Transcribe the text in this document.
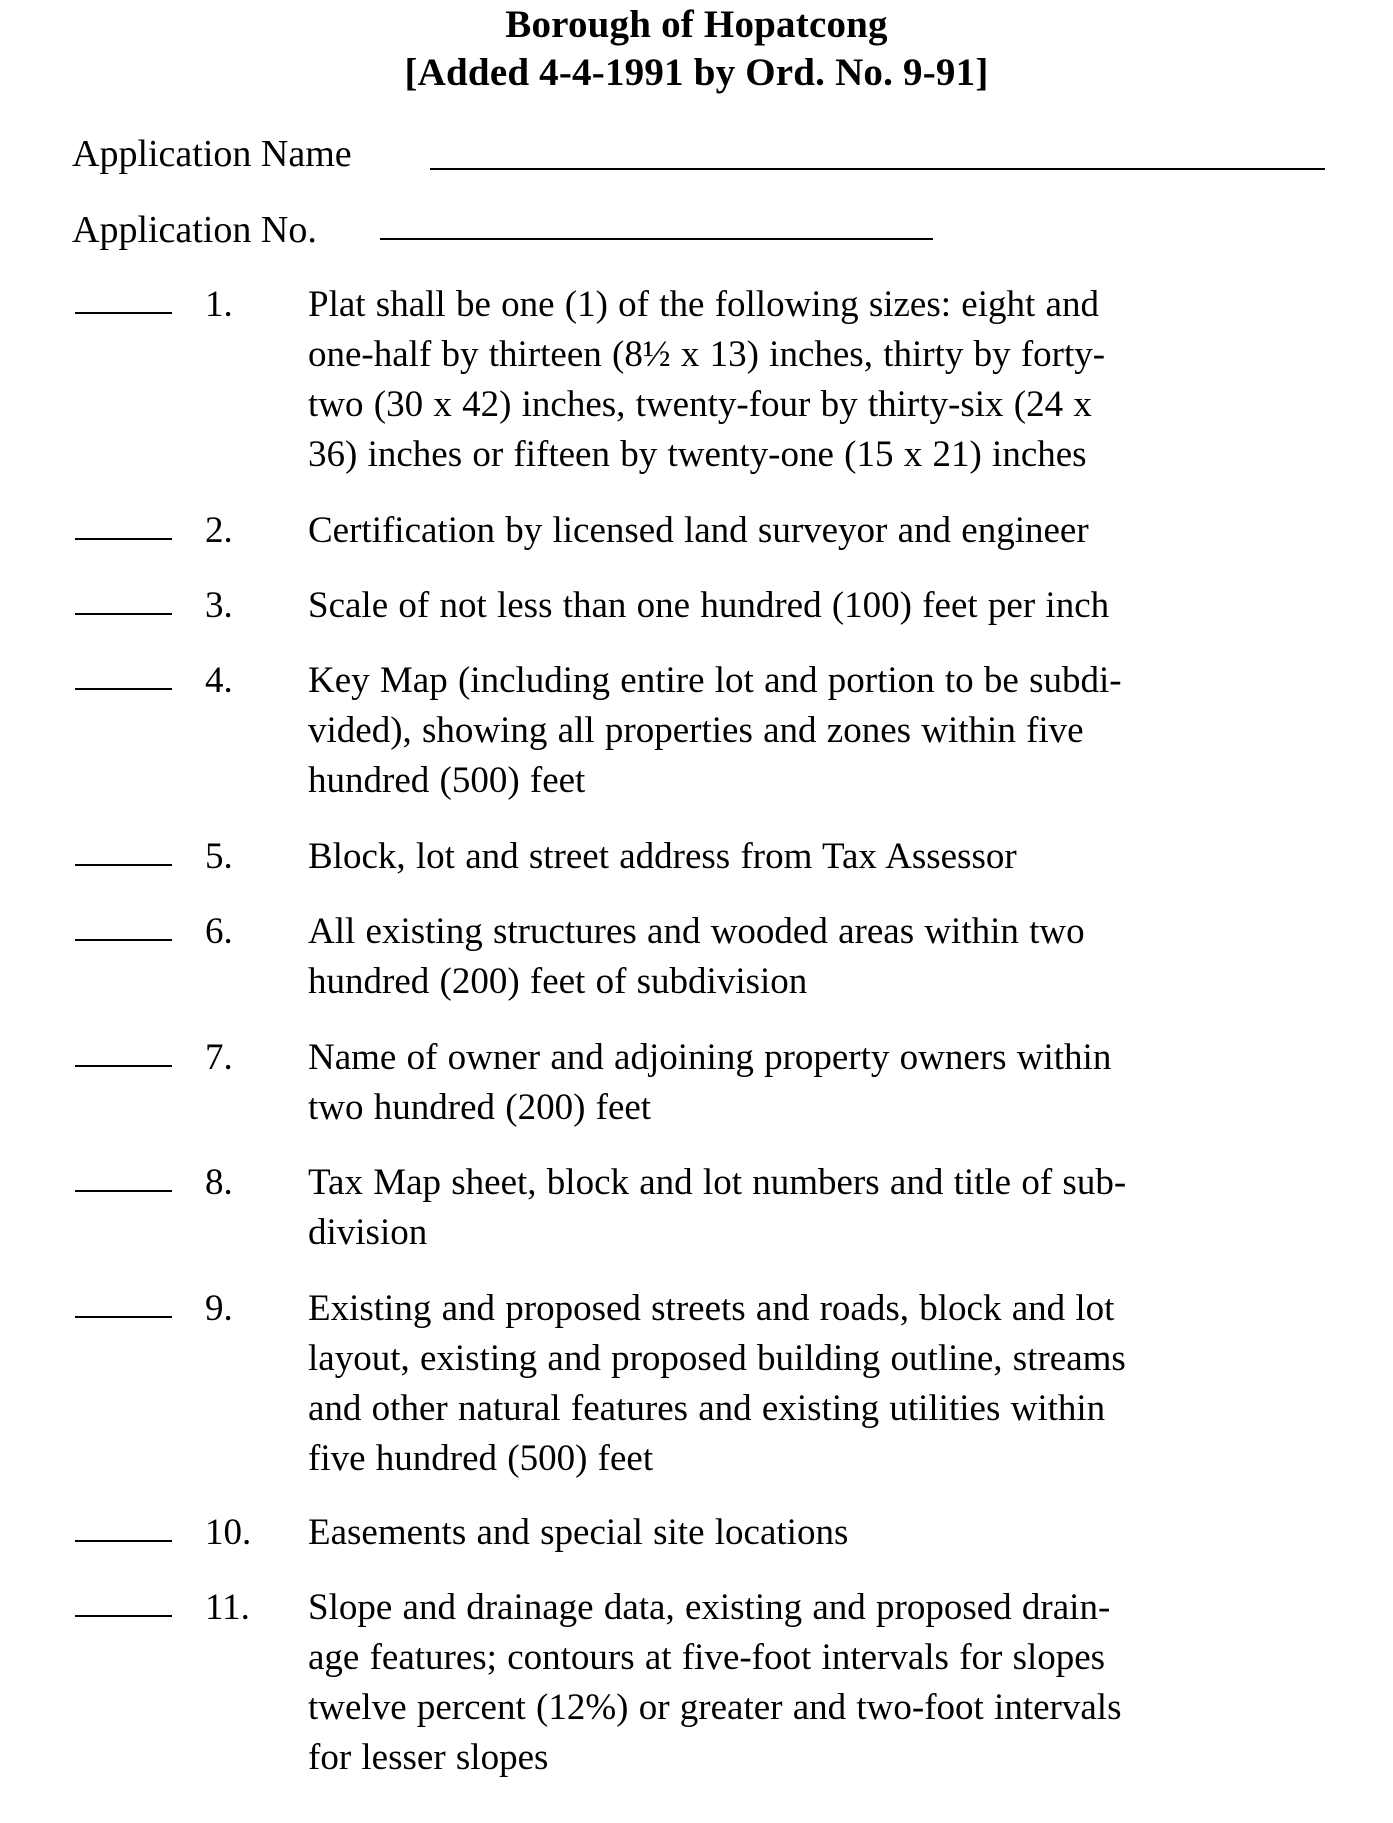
Borough of Hopatcong
[Added 4-4-1991 by Ord. No. 9-91]
Application Name
Application No.
1. Plat shall be one (1) of the following sizes: eight and
one-half by thirteen (8½ x 13) inches, thirty by forty-
two (30 x 42) inches, twenty-four by thirty-six (24 x
36) inches or fifteen by twenty-one (15 x 21) inches
2. Certification by licensed land surveyor and engineer
3. Scale of not less than one hundred (100) feet per inch
4. Key Map (including entire lot and portion to be subdi-
vided), showing all properties and zones within five
hundred (500) feet
5. Block, lot and street address from Tax Assessor
6. All existing structures and wooded areas within two
hundred (200) feet of subdivision
7. Name of owner and adjoining property owners within
two hundred (200) feet
8. Tax Map sheet, block and lot numbers and title of sub-
division
9. Existing and proposed streets and roads, block and lot
layout, existing and proposed building outline, streams
and other natural features and existing utilities within
five hundred (500) feet
10. Easements and special site locations
11. Slope and drainage data, existing and proposed drain-
age features; contours at five-foot intervals for slopes
twelve percent (12%) or greater and two-foot intervals
for lesser slopes
